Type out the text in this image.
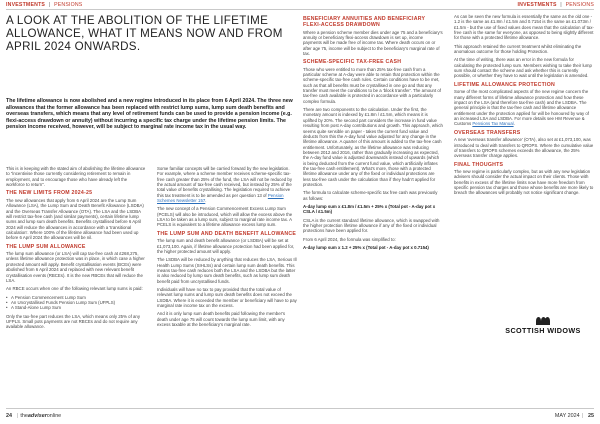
INVESTMENTS | PENSIONS	INVESTMENTS | PENSIONS
A LOOK AT THE ABOLITION OF THE LIFETIME ALLOWANCE, WHAT IT MEANS NOW AND FROM APRIL 2024 ONWARDS.

The lifetime allowance is now abolished and a new regime introduced in its place from 6 April 2024. The three new allowances that the former allowance has been replaced with restrict lump sums, lump sum death benefits and overseas transfers, which means that any level of retirement funds can be used to provide a pension income (e.g. flexi-access drawdown or annuity) without incurring a specific tax charge under the lifetime pension limits. The pension income received, however, will be subject to marginal rate income tax in the usual way.

This is in keeping with the stated aim of abolishing the lifetime allowance to "incentivise those currently considering retirement to remain in employment, and to encourage those who have already left the workforce to return".

THE NEW LIMITS FROM 2024-25

The new allowances that apply from 6 April 2024 are the Lump Sum Allowance (LSA), the Lump Sum and Death Benefit Allowance (LSDBA) and the Overseas Transfer Allowance (OTA). The LSA and the LSDBA will restrict tax-free cash (and similar payments), certain lifetime lump sums and lump sum death benefits. Benefits crystallised before 6 April 2024 will reduce the allowances in accordance with a 'transitional calculation'. Where 100% of the lifetime allowance had been used up before 6 April 2024 the allowances will be nil.

THE LUMP SUM ALLOWANCE

The lump sum allowance (or LSA) will cap tax-free cash at £268,275, unless lifetime allowance protection was in place, in which case a higher protected amount will apply. Benefit crystallisation events (BCEs) were abolished from 6 April 2024 and replaced with new relevant benefit crystallisation events (RBCEs). It is the new RBCEs that will reduce the LSA.

An RBCE occurs when one of the following relevant lump sums is paid:

• A Pension Commencement Lump Sum
• An Uncrystallised Funds Pension Lump Sum (UFPLS)
• A Stand-Alone Lump Sum

Only the tax-free part reduces the LSA, which means only 25% of any UFPLS. Small pots payments are not RBCEs and do not require any available allowance.

Some familiar concepts will be carried forward by the new legislation. For example, where a scheme member receives scheme-specific tax-free cash greater than 25% of the fund, the LSA will not be reduced by the actual amount of tax-free cash received, but instead by 25% of the total value of benefits crystallising. The legislation required to achieve this tax treatment is to be amended as per question 13 of Pension Schemes Newsletter 157.

The new concept of a Pension Commencement Excess Lump Sum (PCELS) will also be introduced, which will allow the excess above the LSA to be taken as a lump sum, subject to marginal rate income tax. A PCELS is equivalent to a lifetime allowance excess lump sum.

THE LUMP SUM AND DEATH BENEFIT ALLOWANCE

The lump sum and death benefit allowance (or LSDBA) will be set at £1,073,100. Again, if lifetime allowance protection had been applied for, the higher protected amount will apply.

The LSDBA will be reduced by anything that reduces the LSA, Serious Ill Health Lump Sums (SIHLSs) and certain lump sum death benefits. This means tax-free cash reduces both the LSA and the LSDBA but the latter is also reduced by lump sum death benefits, such as lump sum death benefit paid from uncrystallised funds.

Individuals will have no tax to pay provided that the total value of relevant lump sums and lump sum death benefits does not exceed the LSDBA. Where it is exceeded the member or beneficiary will have to pay marginal rate income tax on the excess.

And it is only lump sum death benefits paid following the member's death under age 75 will count towards the lump sum limit, with any excess taxable at the beneficiary's marginal rate.

BENEFICIARY ANNUITIES AND BENEFICIARY FLEXI-ACCESS DRAWDOWN

Where a pension scheme member dies under age 75 and a beneficiary's annuity or beneficiary flexi-access drawdown is set up, income payments will be made free of income tax. Where death occurs on or after age 75, income will be subject to the beneficiary's marginal rate of tax.

SCHEME-SPECIFIC TAX-FREE CASH

Those who were entitled to more than 25% tax-free cash from a particular scheme at A-day were able to retain that protection within the scheme-specific tax-free cash rules. Certain conditions have to be met, such as that all benefits must be crystallised in one go and that any transfer must meet the conditions to be a 'block transfer'. The amount of tax-free cash available is protected in accordance with a particularly complex formula.

There are two components to the calculation. Under the first, the monetary amount is indexed by £1.8m / £1.5m, which means it is uplifted by 20%. The second part considers the increase in fund value resulting from post A-day contributions and growth. This approach, which seems quite sensible on paper - takes the current fund value and deducts from this the A-day fund value adjusted for any change in the lifetime allowance. A quarter of this amount is added to the tax-free cash entitlement. Unfortunately, as the lifetime allowance was reducing between 2012 and 2016, rather than gradually increasing as expected, the A-day fund value is adjusted downwards instead of upwards (which is being deducted from the current fund value, which artificially inflates the tax-free cash entitlement). What's more, those with a protected lifetime allowance under any of the fixed or individual protections are less tax-free cash under the calculation than if they hadn't applied for protection.

The formula to calculate scheme-specific tax free cash was previously as follows:

A-day lump sum x £1.8m / £1.5m + 25% x (Total pot - A-day pot x CSLA / £1.5m)

CSLA is the current standard lifetime allowance, which is swapped with the higher protection lifetime allowance if any of the fixed or individual protections have been applied for.

From 6 April 2024, the formula was simplified to:

A-day lump sum x 1.2 + 25% x (Total pot - A-day pot x 0.7154)

As can be seen the new formula is essentially the same as the old one - 1.2 is the same as £1.8m / £1.5m and 0.7154 is the same as £1.073m / £1.5m - but the use of fixed values does mean that the calculation of tax-free cash is the same for everyone, as opposed to being slightly different for those with a protected lifetime allowance.

This approach retained the current treatment whilst eliminating the anomalous outcome for those holding Protection.

At the time of writing, there was an error in the new formula for calculating the protected lump sum. Members wishing to take their lump sum should contact the scheme and ask whether this is currently possible, or whether they have to wait until the legislation is amended.

LIFETIME ALLOWANCE PROTECTION

Some of the most complicated aspects of the new regime concern the many different forms of lifetime allowance protection and how these impact on the LSA (and therefore tax-free cash) and the LSDBA. The general principle is that the tax-free cash and lifetime allowance entitlement under the protection applied for will be honoured by way of an increased LSA and LSDBA. For more details see HM Revenue & Customs Pensions Tax Manual.

OVERSEAS TRANSFERS

A new 'overseas transfer allowance' (OTA), also set at £1,073,100, was introduced to deal with transfers to QROPS. Where the cumulative value of transfers to QROPS schemes exceeds the allowance, the 25% overseas transfer charge applies.

FINAL THOUGHTS

The new regime is particularly complex, but as with any new legislation advisers should consider the actual impact on their clients. Those with benefits in excess of the lifetime limits now have more freedom from specific pension tax charges and those whose benefits are more likely to breach the allowances will probably not notice significant change.

SCOTTISH WIDOWS
24 | theadviseronline	MAY 2024 | 25
